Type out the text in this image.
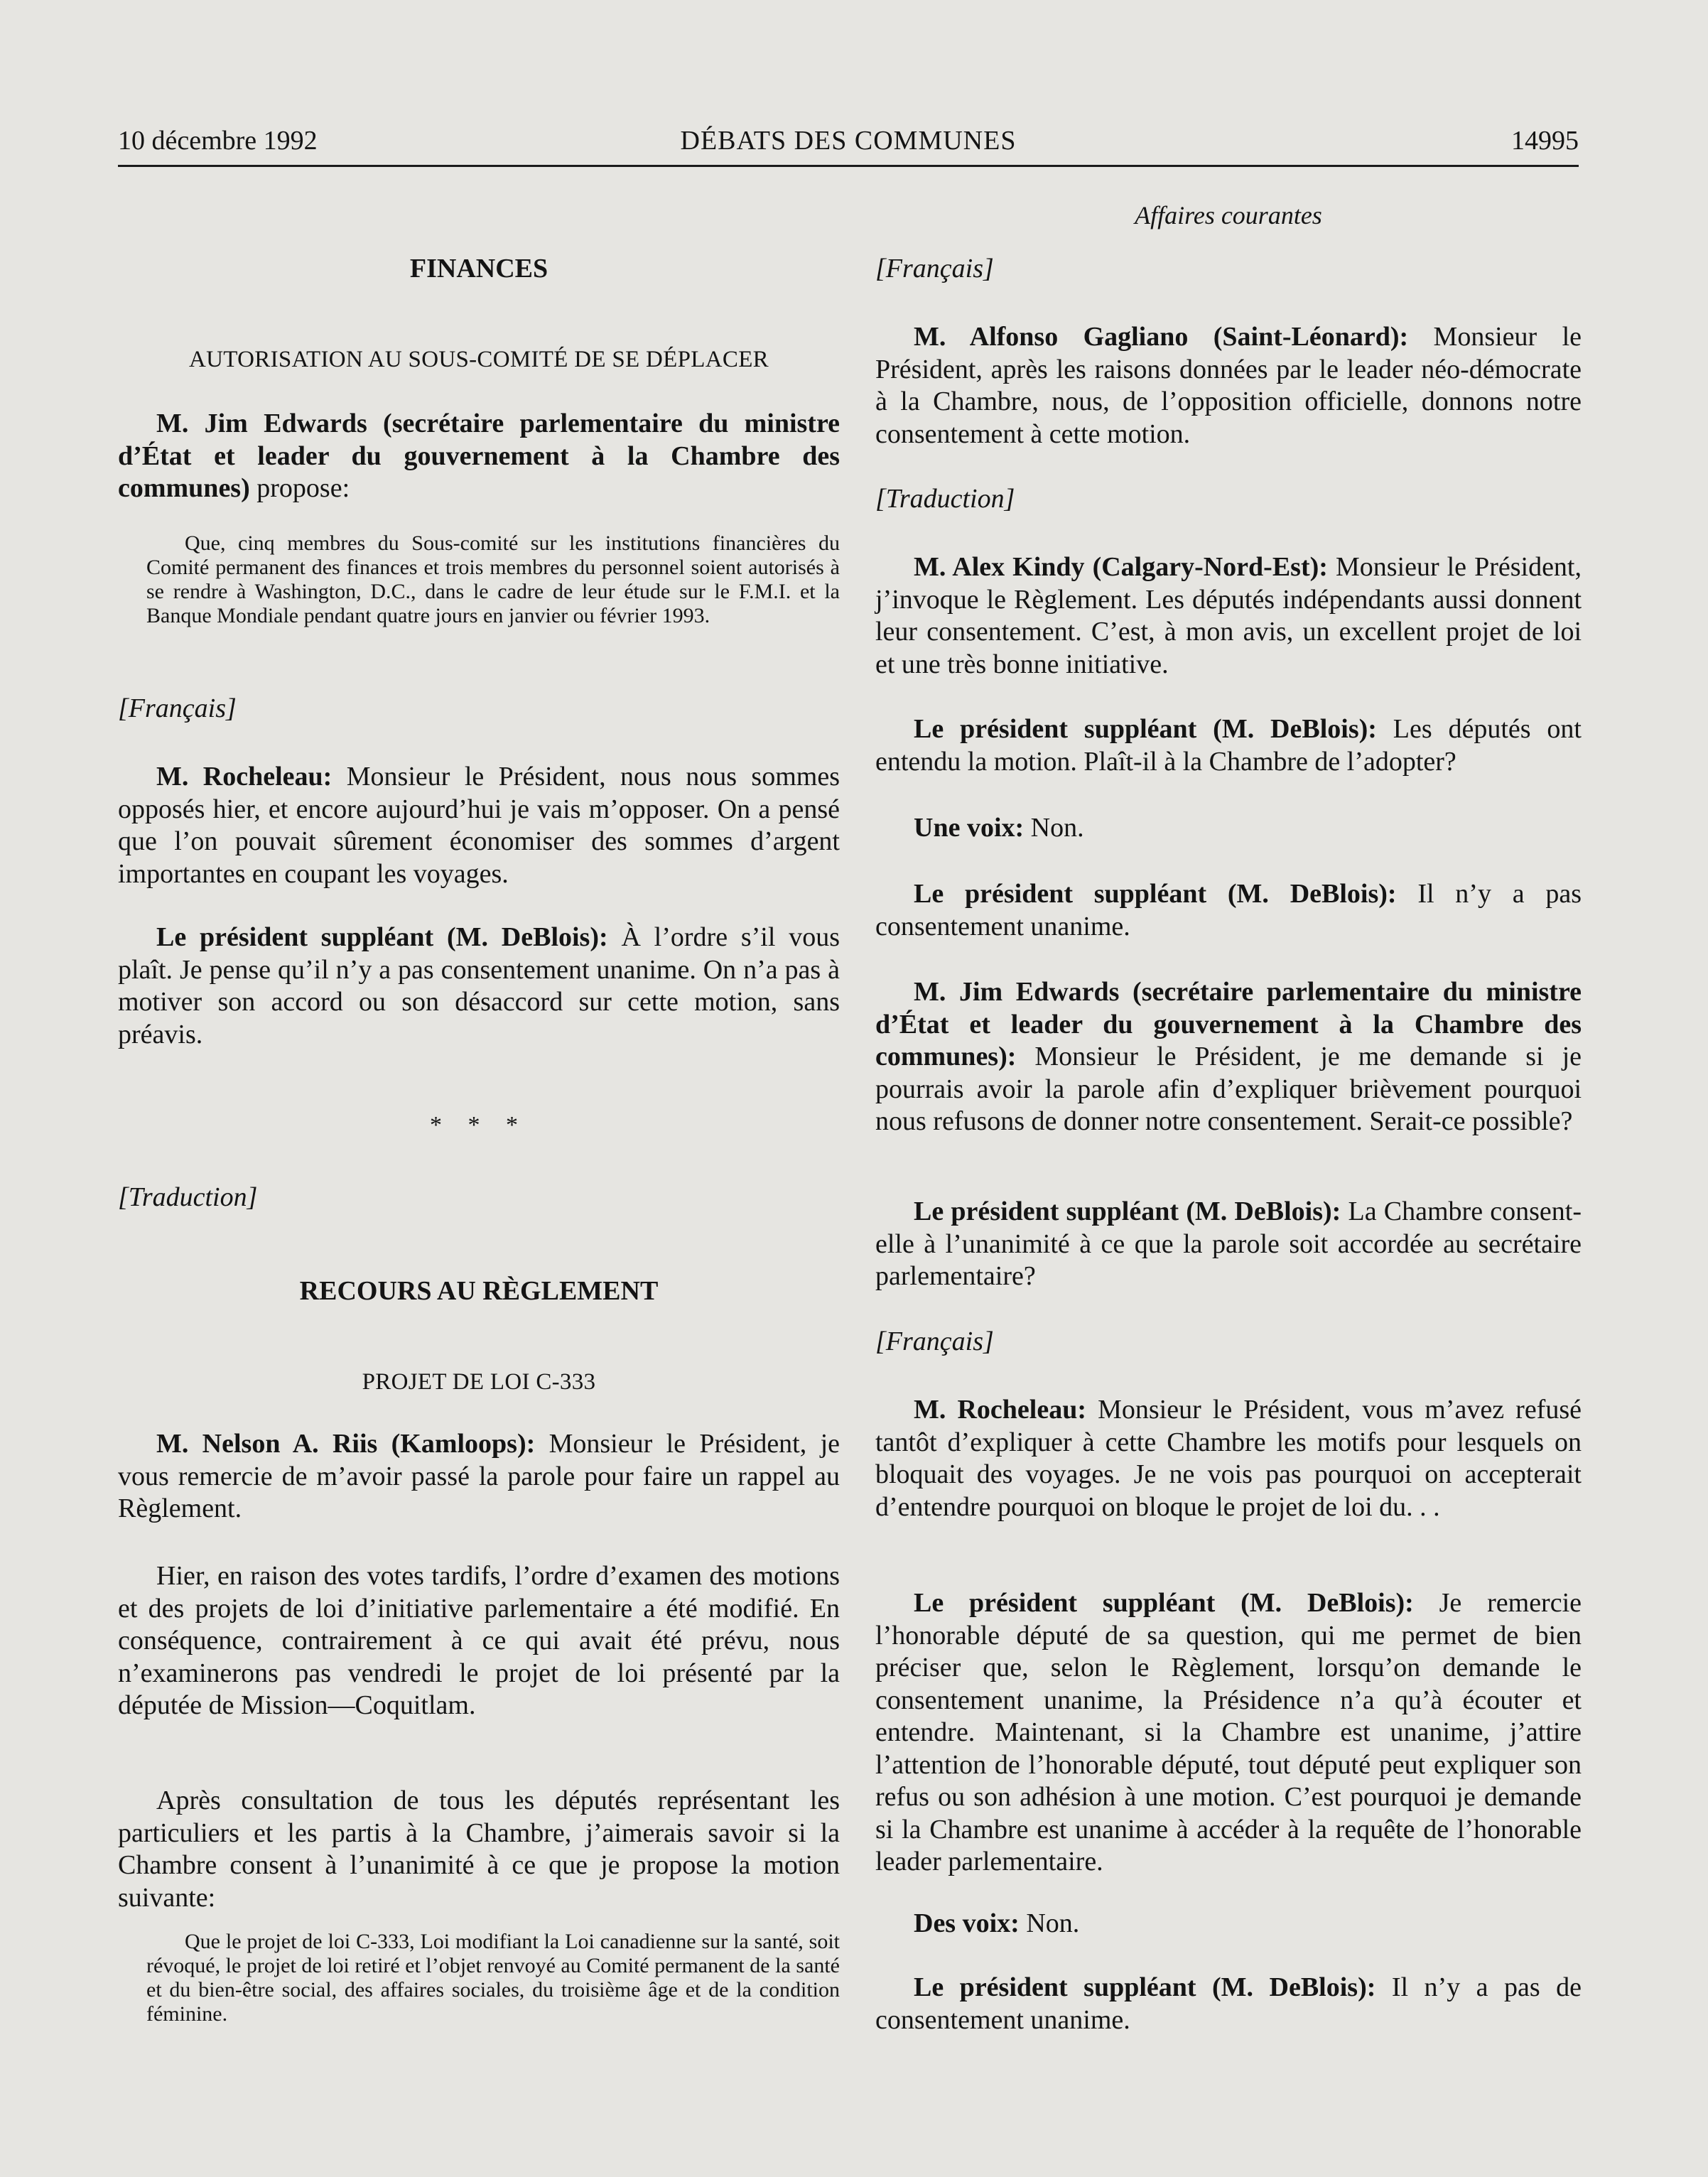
10 décembre 1992	DÉBATS DES COMMUNES	14995
FINANCES
AUTORISATION AU SOUS-COMITÉ DE SE DÉPLACER

M. Jim Edwards (secrétaire parlementaire du ministre d’État et leader du gouvernement à la Chambre des communes) propose:

Que, cinq membres du Sous-comité sur les institutions financières du Comité permanent des finances et trois membres du personnel soient autorisés à se rendre à Washington, D.C., dans le cadre de leur étude sur le F.M.I. et la Banque Mondiale pendant quatre jours en janvier ou février 1993.

[Français]

M. Rocheleau: Monsieur le Président, nous nous sommes opposés hier, et encore aujourd’hui je vais m’opposer. On a pensé que l’on pouvait sûrement économiser des sommes d’argent importantes en coupant les voyages.

Le président suppléant (M. DeBlois): À l’ordre s’il vous plaît. Je pense qu’il n’y a pas consentement unanime. On n’a pas à motiver son accord ou son désaccord sur cette motion, sans préavis.

* * *
[Traduction]
RECOURS AU RÈGLEMENT
PROJET DE LOI C-333

M. Nelson A. Riis (Kamloops): Monsieur le Président, je vous remercie de m’avoir passé la parole pour faire un rappel au Règlement.

Hier, en raison des votes tardifs, l’ordre d’examen des motions et des projets de loi d’initiative parlementaire a été modifié. En conséquence, contrairement à ce qui avait été prévu, nous n’examinerons pas vendredi le projet de loi présenté par la députée de Mission—Coquitlam.

Après consultation de tous les députés représentant les particuliers et les partis à la Chambre, j’aimerais savoir si la Chambre consent à l’unanimité à ce que je propose la motion suivante:

Que le projet de loi C-333, Loi modifiant la Loi canadienne sur la santé, soit révoqué, le projet de loi retiré et l’objet renvoyé au Comité permanent de la santé et du bien-être social, des affaires sociales, du troisième âge et de la condition féminine.

Affaires courantes
[Français]

M. Alfonso Gagliano (Saint-Léonard): Monsieur le Président, après les raisons données par le leader néo-démocrate à la Chambre, nous, de l’opposition officielle, donnons notre consentement à cette motion.

[Traduction]

M. Alex Kindy (Calgary-Nord-Est): Monsieur le Président, j’invoque le Règlement. Les députés indépendants aussi donnent leur consentement. C’est, à mon avis, un excellent projet de loi et une très bonne initiative.

Le président suppléant (M. DeBlois): Les députés ont entendu la motion. Plaît-il à la Chambre de l’adopter?

Une voix: Non.

Le président suppléant (M. DeBlois): Il n’y a pas consentement unanime.

M. Jim Edwards (secrétaire parlementaire du ministre d’État et leader du gouvernement à la Chambre des communes): Monsieur le Président, je me demande si je pourrais avoir la parole afin d’expliquer brièvement pourquoi nous refusons de donner notre consentement. Serait-ce possible?

Le président suppléant (M. DeBlois): La Chambre consent-elle à l’unanimité à ce que la parole soit accordée au secrétaire parlementaire?

[Français]

M. Rocheleau: Monsieur le Président, vous m’avez refusé tantôt d’expliquer à cette Chambre les motifs pour lesquels on bloquait des voyages. Je ne vois pas pourquoi on accepterait d’entendre pourquoi on bloque le projet de loi du. . .

Le président suppléant (M. DeBlois): Je remercie l’honorable député de sa question, qui me permet de bien préciser que, selon le Règlement, lorsqu’on demande le consentement unanime, la Présidence n’a qu’à écouter et entendre. Maintenant, si la Chambre est unanime, j’attire l’attention de l’honorable député, tout député peut expliquer son refus ou son adhésion à une motion. C’est pourquoi je demande si la Chambre est unanime à accéder à la requête de l’honorable leader parlementaire.

Des voix: Non.

Le président suppléant (M. DeBlois): Il n’y a pas de consentement unanime.
